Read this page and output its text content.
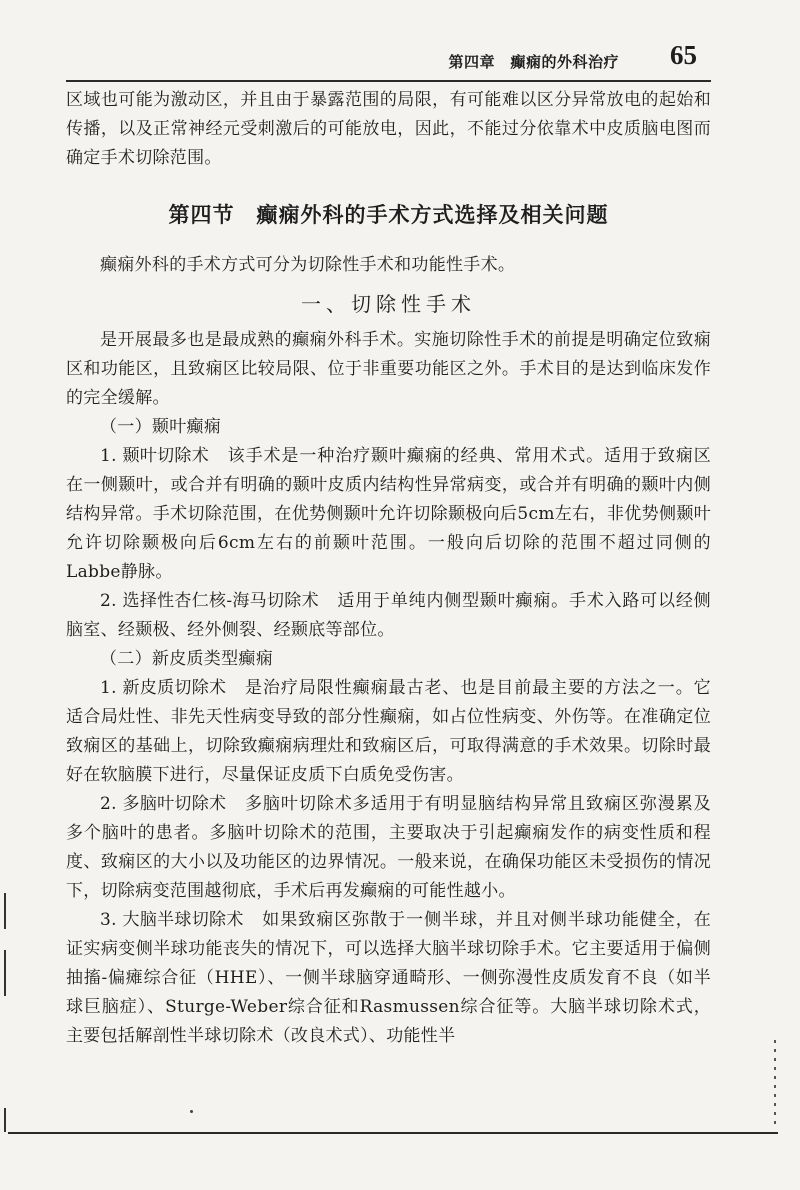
第四章　癫痫的外科治疗 65

区域也可能为激动区，并且由于暴露范围的局限，有可能难以区分异常放电的起始和传播，以及正常神经元受刺激后的可能放电，因此，不能过分依靠术中皮质脑电图而确定手术切除范围。

第四节　癫痫外科的手术方式选择及相关问题

癫痫外科的手术方式可分为切除性手术和功能性手术。

一、切除性手术

是开展最多也是最成熟的癫痫外科手术。实施切除性手术的前提是明确定位致痫区和功能区，且致痫区比较局限、位于非重要功能区之外。手术目的是达到临床发作的完全缓解。

（一）颞叶癫痫

1. 颞叶切除术 该手术是一种治疗颞叶癫痫的经典、常用术式。适用于致痫区在一侧颞叶，或合并有明确的颞叶皮质内结构性异常病变，或合并有明确的颞叶内侧结构异常。手术切除范围，在优势侧颞叶允许切除颞极向后5cm左右，非优势侧颞叶允许切除颞极向后6cm左右的前颞叶范围。一般向后切除的范围不超过同侧的Labbe静脉。

2. 选择性杏仁核-海马切除术 适用于单纯内侧型颞叶癫痫。手术入路可以经侧脑室、经颞极、经外侧裂、经颞底等部位。

（二）新皮质类型癫痫

1. 新皮质切除术 是治疗局限性癫痫最古老、也是目前最主要的方法之一。它适合局灶性、非先天性病变导致的部分性癫痫，如占位性病变、外伤等。在准确定位致痫区的基础上，切除致癫痫病理灶和致痫区后，可取得满意的手术效果。切除时最好在软脑膜下进行，尽量保证皮质下白质免受伤害。

2. 多脑叶切除术 多脑叶切除术多适用于有明显脑结构异常且致痫区弥漫累及多个脑叶的患者。多脑叶切除术的范围，主要取决于引起癫痫发作的病变性质和程度、致痫区的大小以及功能区的边界情况。一般来说，在确保功能区未受损伤的情况下，切除病变范围越彻底，手术后再发癫痫的可能性越小。

3. 大脑半球切除术 如果致痫区弥散于一侧半球，并且对侧半球功能健全，在证实病变侧半球功能丧失的情况下，可以选择大脑半球切除手术。它主要适用于偏侧抽搐-偏瘫综合征（HHE）、一侧半球脑穿通畸形、一侧弥漫性皮质发育不良（如半球巨脑症）、Sturge-Weber综合征和Rasmussen综合征等。大脑半球切除术式，主要包括解剖性半球切除术（改良术式）、功能性半
